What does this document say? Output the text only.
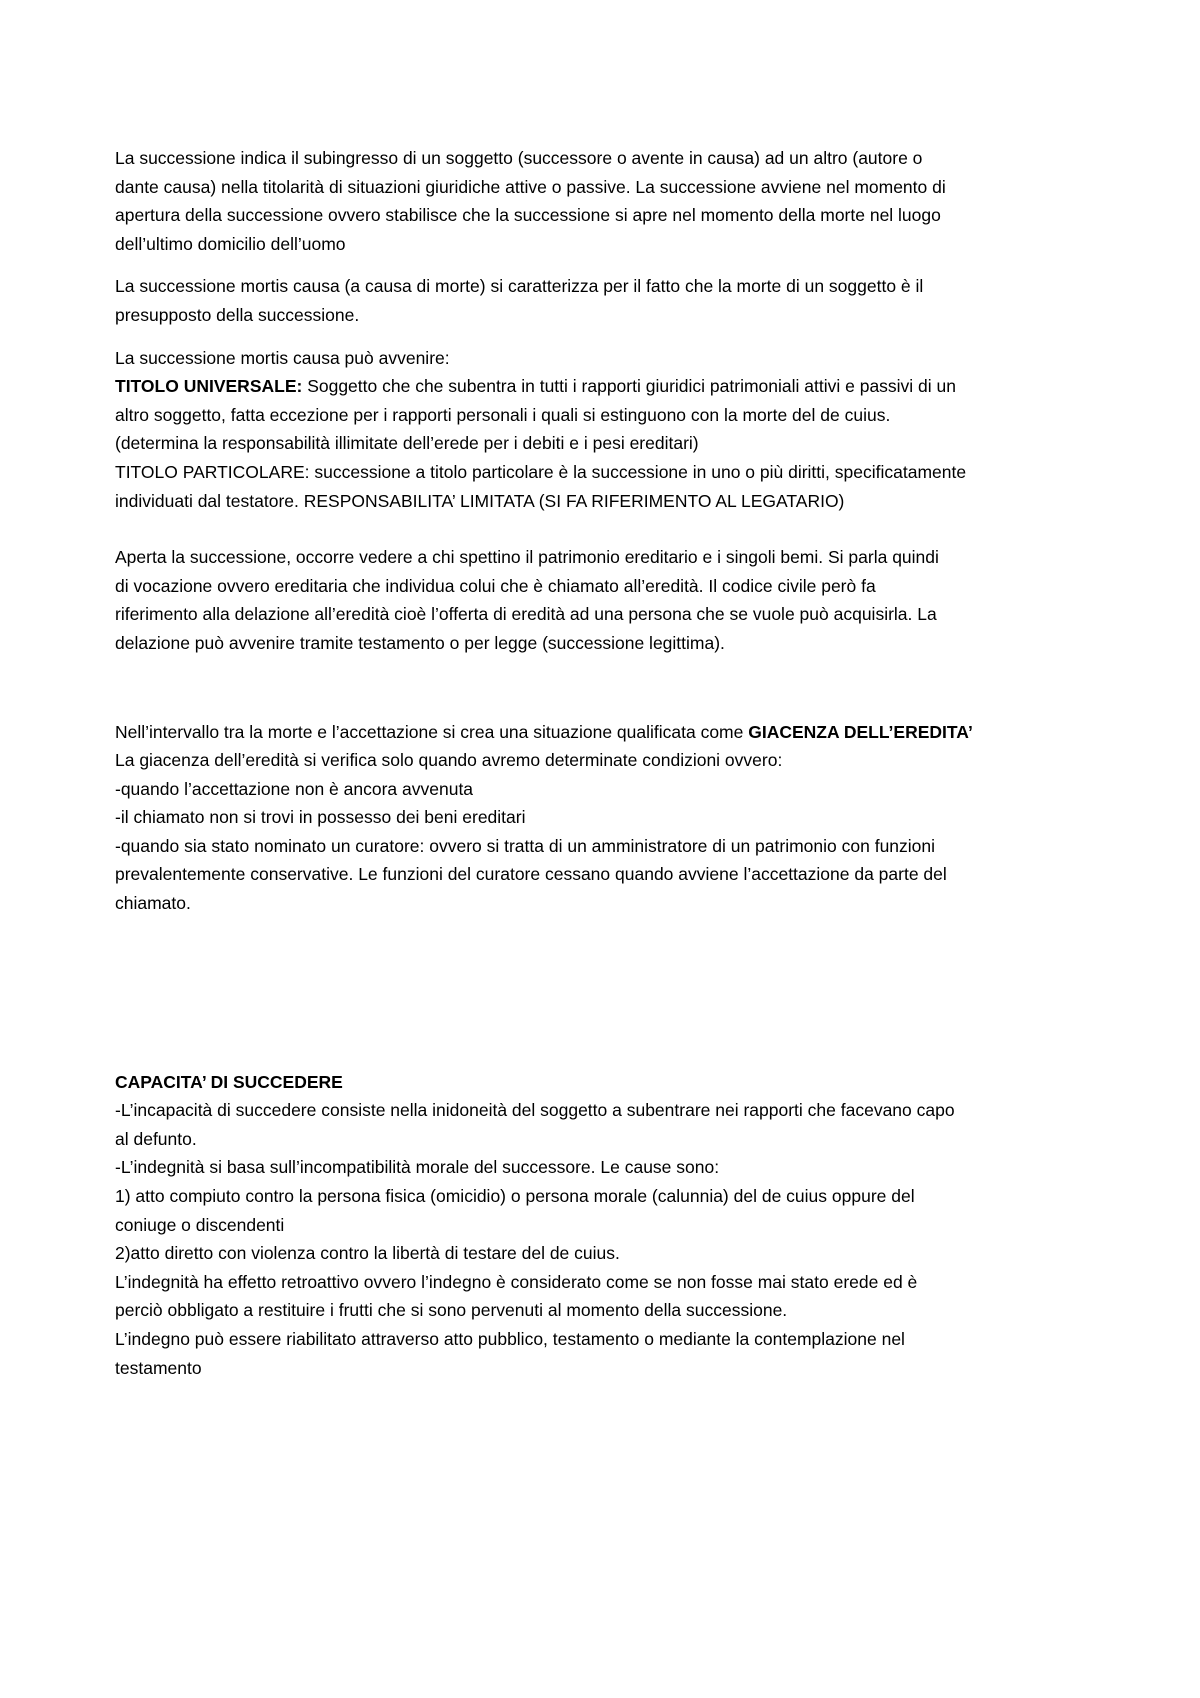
La successione indica il subingresso di un soggetto (successore o avente in causa) ad un altro (autore o
dante causa) nella titolarità di situazioni giuridiche attive o passive. La successione avviene nel momento di
apertura della successione ovvero stabilisce che la successione si apre nel momento della morte nel luogo
dell’ultimo domicilio dell’uomo
La successione mortis causa (a causa di morte) si caratterizza per il fatto che la morte di un soggetto è il
presupposto della successione.
La successione mortis causa può avvenire:
TITOLO UNIVERSALE: Soggetto che che subentra in tutti i rapporti giuridici patrimoniali attivi e passivi di un
altro soggetto, fatta eccezione per i rapporti personali i quali si estinguono con la morte del de cuius.
(determina la responsabilità illimitate dell’erede per i debiti e i pesi ereditari)
TITOLO PARTICOLARE: successione a titolo particolare è la successione in uno o più diritti, specificatamente
individuati dal testatore. RESPONSABILITA’ LIMITATA (SI FA RIFERIMENTO AL LEGATARIO)
Aperta la successione, occorre vedere a chi spettino il patrimonio ereditario e i singoli bemi. Si parla quindi
di vocazione ovvero ereditaria che individua colui che è chiamato all’eredità. Il codice civile però fa
riferimento alla delazione all’eredità cioè l’offerta di eredità ad una persona che se vuole può acquisirla. La
delazione può avvenire tramite testamento o per legge (successione legittima).
Nell’intervallo tra la morte e l’accettazione si crea una situazione qualificata come GIACENZA DELL’EREDITA’
La giacenza dell’eredità si verifica solo quando avremo determinate condizioni ovvero:
-quando l’accettazione non è ancora avvenuta
-il chiamato non si trovi in possesso dei beni ereditari
-quando sia stato nominato un curatore: ovvero si tratta di un amministratore di un patrimonio con funzioni
prevalentemente conservative. Le funzioni del curatore cessano quando avviene l’accettazione da parte del
chiamato.
CAPACITA’ DI SUCCEDERE
-L’incapacità di succedere consiste nella inidoneità del soggetto a subentrare nei rapporti che facevano capo
al defunto.
-L’indegnità si basa sull’incompatibilità morale del successore. Le cause sono:
1) atto compiuto contro la persona fisica (omicidio) o persona morale (calunnia) del de cuius oppure del
coniuge o discendenti
2)atto diretto con violenza contro la libertà di testare del de cuius.
L’indegnità ha effetto retroattivo ovvero l’indegno è considerato come se non fosse mai stato erede ed è
perciò obbligato a restituire i frutti che si sono pervenuti al momento della successione.
L’indegno può essere riabilitato attraverso atto pubblico, testamento o mediante la contemplazione nel
testamento
